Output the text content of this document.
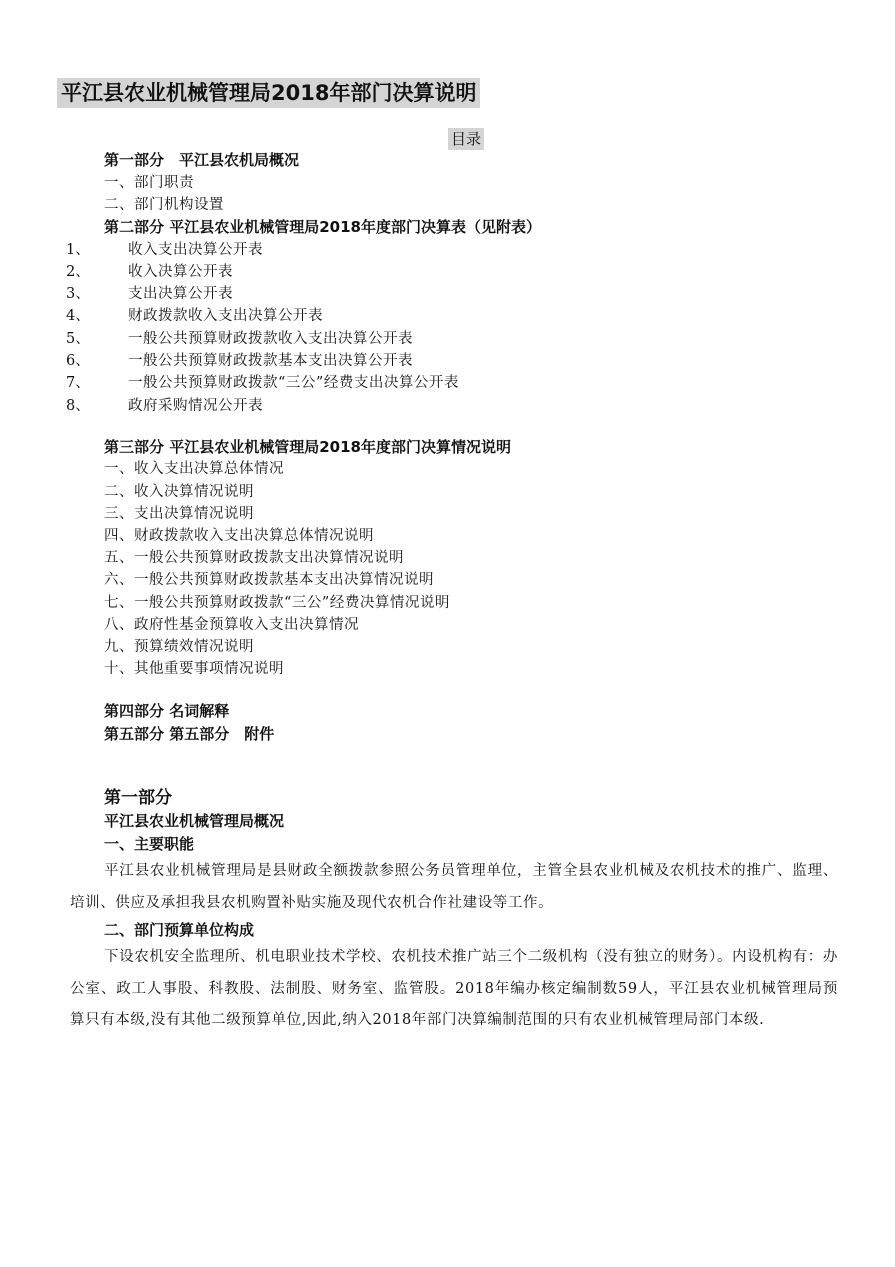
平江县农业机械管理局2018年部门决算说明
目录
第一部分　平江县农机局概况
一、部门职责
二、部门机构设置
第二部分 平江县农业机械管理局2018年度部门决算表（见附表）
1、	收入支出决算公开表
2、	收入决算公开表
3、	支出决算公开表
4、	财政拨款收入支出决算公开表
5、	一般公共预算财政拨款收入支出决算公开表
6、	一般公共预算财政拨款基本支出决算公开表
7、	一般公共预算财政拨款“三公”经费支出决算公开表
8、	政府采购情况公开表
第三部分 平江县农业机械管理局2018年度部门决算情况说明
一、收入支出决算总体情况
二、收入决算情况说明
三、支出决算情况说明
四、财政拨款收入支出决算总体情况说明
五、一般公共预算财政拨款支出决算情况说明
六、一般公共预算财政拨款基本支出决算情况说明
七、一般公共预算财政拨款“三公”经费决算情况说明
八、政府性基金预算收入支出决算情况
九、预算绩效情况说明
十、其他重要事项情况说明
第四部分 名词解释
第五部分 第五部分　附件
第一部分
平江县农业机械管理局概况
一、主要职能
平江县农业机械管理局是县财政全额拨款参照公务员管理单位，主管全县农业机械及农机技术的推广、监理、培训、供应及承担我县农机购置补贴实施及现代农机合作社建设等工作。
二、部门预算单位构成
下设农机安全监理所、机电职业技术学校、农机技术推广站三个二级机构（没有独立的财务）。内设机构有：办公室、政工人事股、科教股、法制股、财务室、监管股。2018年编办核定编制数59人，平江县农业机械管理局预算只有本级,没有其他二级预算单位,因此,纳入2018年部门决算编制范围的只有农业机械管理局部门本级.
